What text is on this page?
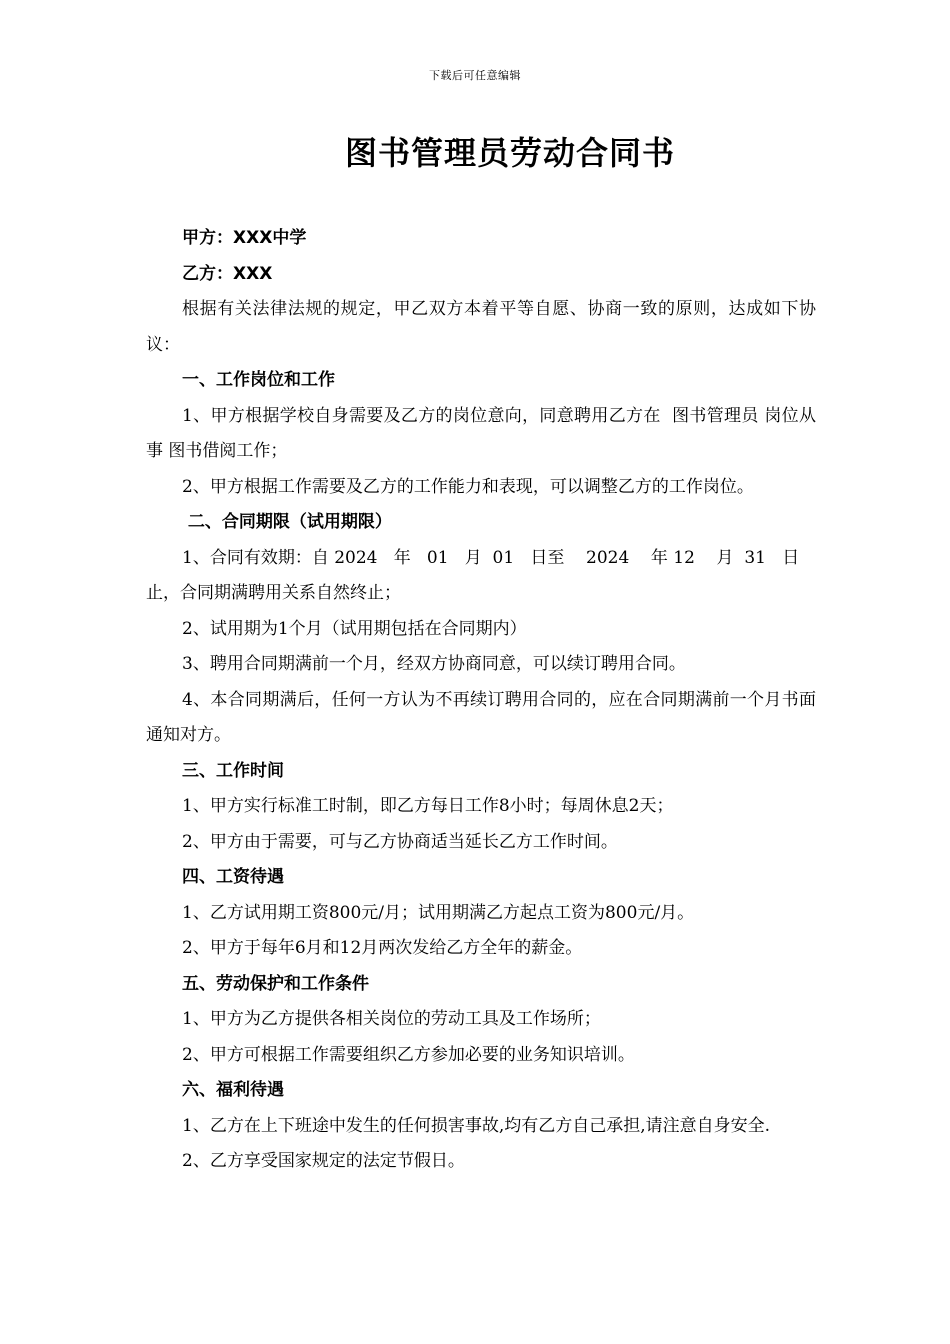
下载后可任意编辑
图书管理员劳动合同书

甲方：XXX中学

乙方：XXX

根据有关法律法规的规定，甲乙双方本着平等自愿、协商一致的原则，达成如下协议：

一、工作岗位和工作

1、甲方根据学校自身需要及乙方的岗位意向，同意聘用乙方在  图书管理员 岗位从事 图书借阅工作；

2、甲方根据工作需要及乙方的工作能力和表现，可以调整乙方的工作岗位。

二、合同期限（试用期限）

1、合同有效期：自 2024   年   01   月  01   日至    2024    年 12    月  31   日止，合同期满聘用关系自然终止；

2、试用期为1个月（试用期包括在合同期内）

3、聘用合同期满前一个月，经双方协商同意，可以续订聘用合同。

4、本合同期满后，任何一方认为不再续订聘用合同的，应在合同期满前一个月书面通知对方。

三、工作时间

1、甲方实行标准工时制，即乙方每日工作8小时；每周休息2天；

2、甲方由于需要，可与乙方协商适当延长乙方工作时间。

四、工资待遇

1、乙方试用期工资800元/月；试用期满乙方起点工资为800元/月。

2、甲方于每年6月和12月两次发给乙方全年的薪金。

五、劳动保护和工作条件

1、甲方为乙方提供各相关岗位的劳动工具及工作场所；

2、甲方可根据工作需要组织乙方参加必要的业务知识培训。

六、福利待遇

1、乙方在上下班途中发生的任何损害事故,均有乙方自己承担,请注意自身安全.

2、乙方享受国家规定的法定节假日。
